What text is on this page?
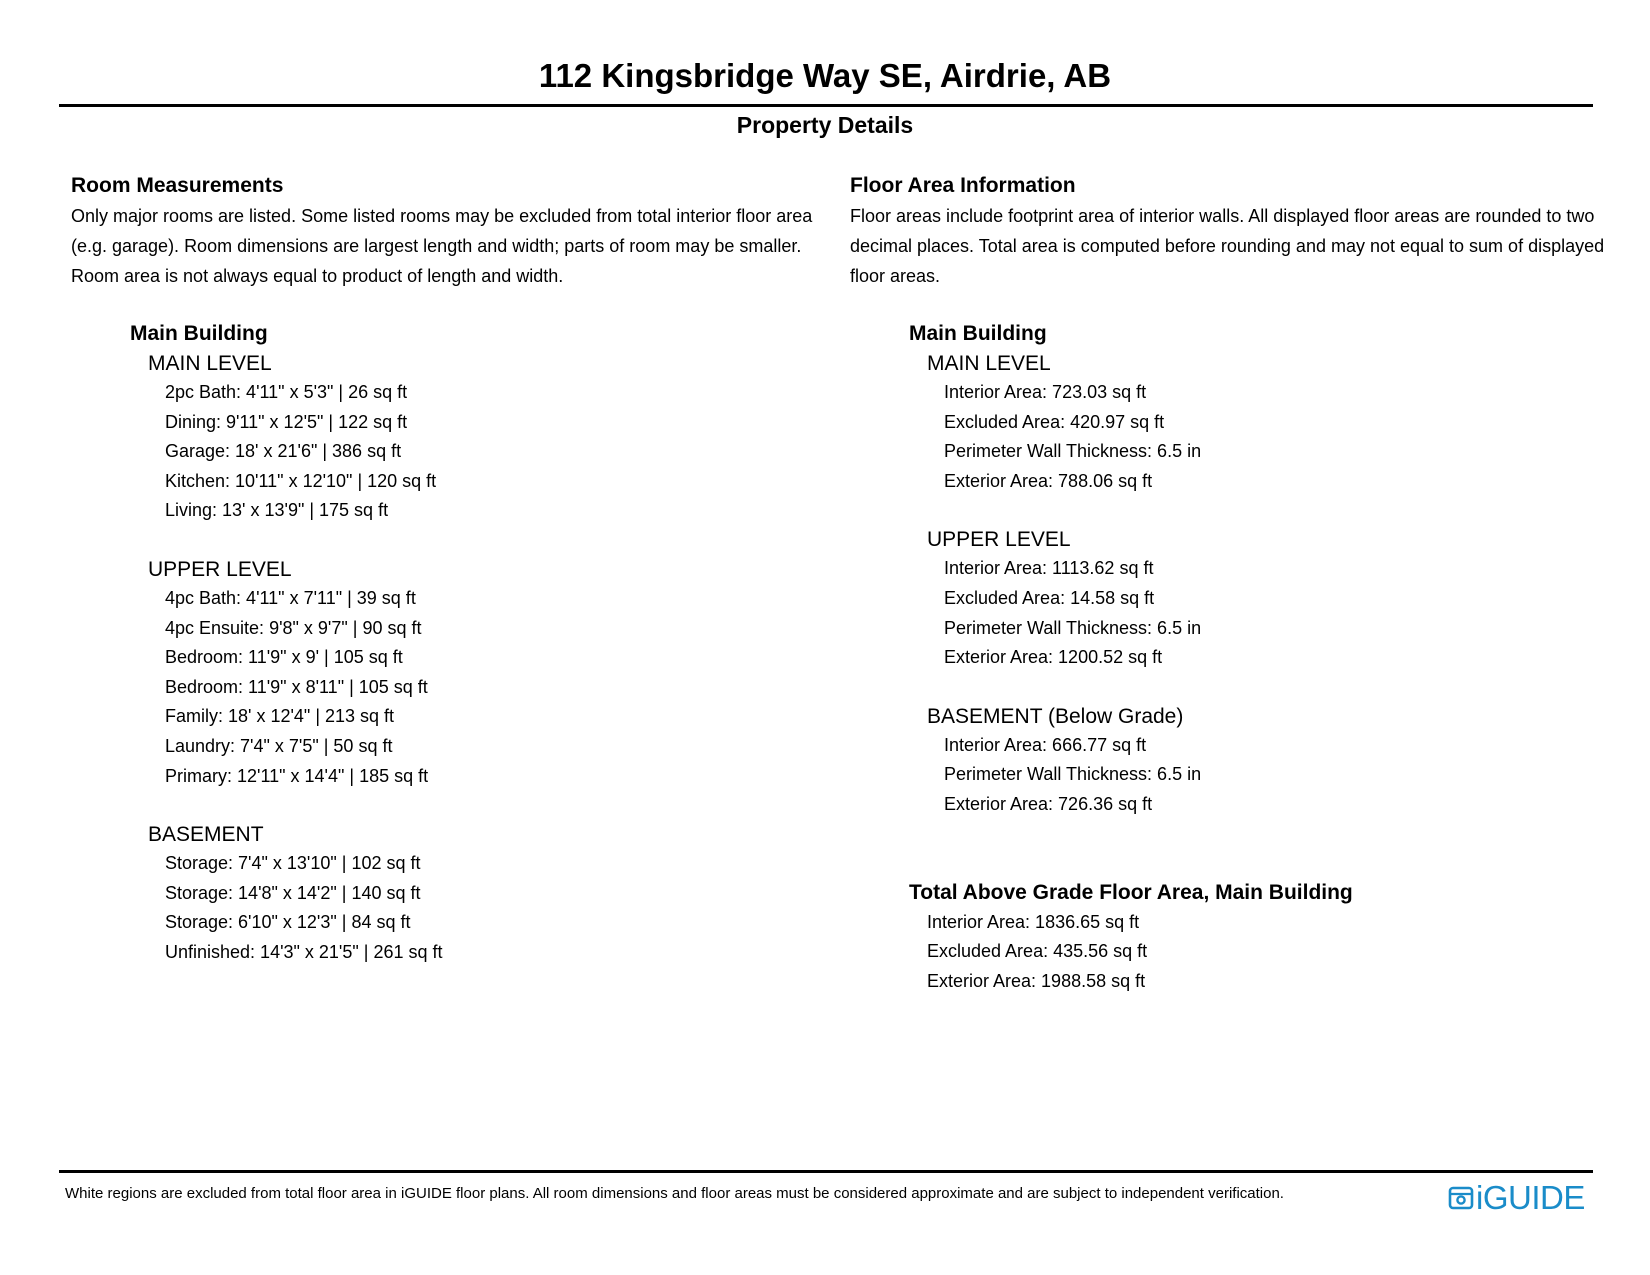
112 Kingsbridge Way SE, Airdrie, AB
Property Details
Room Measurements

Only major rooms are listed. Some listed rooms may be excluded from total interior floor area
(e.g. garage). Room dimensions are largest length and width; parts of room may be smaller.
Room area is not always equal to product of length and width.

Main Building
MAIN LEVEL
2pc Bath: 4'11" x 5'3" | 26 sq ft
Dining: 9'11" x 12'5" | 122 sq ft
Garage: 18' x 21'6" | 386 sq ft
Kitchen: 10'11" x 12'10" | 120 sq ft
Living: 13' x 13'9" | 175 sq ft
UPPER LEVEL
4pc Bath: 4'11" x 7'11" | 39 sq ft
4pc Ensuite: 9'8" x 9'7" | 90 sq ft
Bedroom: 11'9" x 9' | 105 sq ft
Bedroom: 11'9" x 8'11" | 105 sq ft
Family: 18' x 12'4" | 213 sq ft
Laundry: 7'4" x 7'5" | 50 sq ft
Primary: 12'11" x 14'4" | 185 sq ft
BASEMENT
Storage: 7'4" x 13'10" | 102 sq ft
Storage: 14'8" x 14'2" | 140 sq ft
Storage: 6'10" x 12'3" | 84 sq ft
Unfinished: 14'3" x 21'5" | 261 sq ft
Floor Area Information

Floor areas include footprint area of interior walls. All displayed floor areas are rounded to two
decimal places. Total area is computed before rounding and may not equal to sum of displayed
floor areas.

Main Building
MAIN LEVEL
Interior Area: 723.03 sq ft
Excluded Area: 420.97 sq ft
Perimeter Wall Thickness: 6.5 in
Exterior Area: 788.06 sq ft
UPPER LEVEL
Interior Area: 1113.62 sq ft
Excluded Area: 14.58 sq ft
Perimeter Wall Thickness: 6.5 in
Exterior Area: 1200.52 sq ft
BASEMENT (Below Grade)
Interior Area: 666.77 sq ft
Perimeter Wall Thickness: 6.5 in
Exterior Area: 726.36 sq ft
Total Above Grade Floor Area, Main Building
Interior Area: 1836.65 sq ft
Excluded Area: 435.56 sq ft
Exterior Area: 1988.58 sq ft
White regions are excluded from total floor area in iGUIDE floor plans. All room dimensions and floor areas must be considered approximate and are subject to independent verification.	iGUIDE
